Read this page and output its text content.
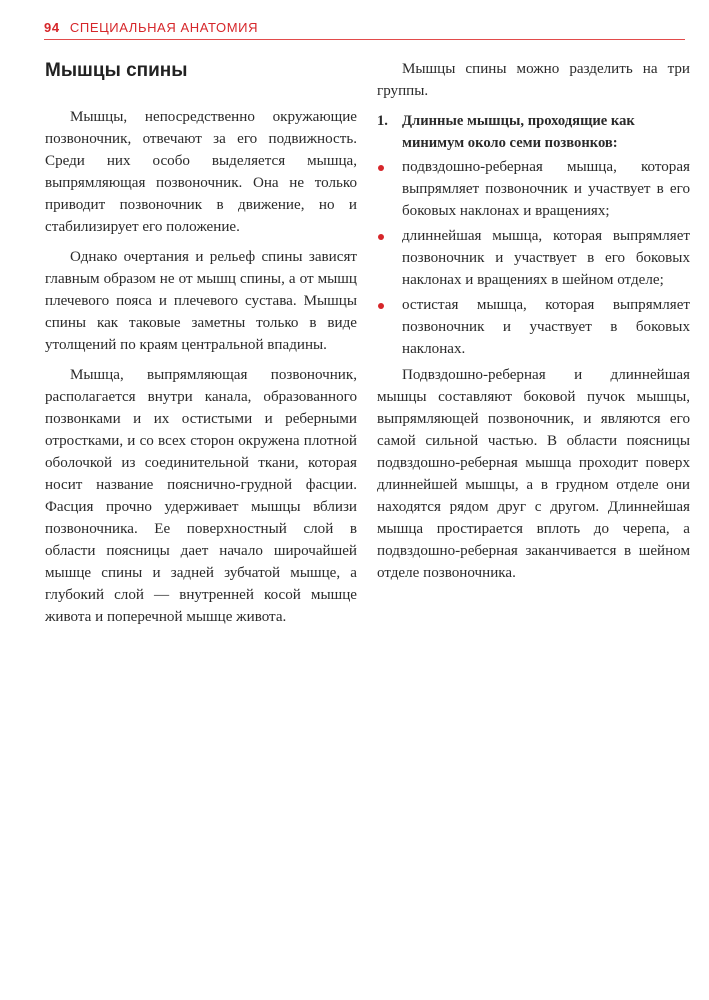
94 СПЕЦИАЛЬНАЯ АНАТОМИЯ
Мышцы спины

Мышцы, непосредственно окружающие позвоночник, отвечают за его подвижность. Среди них особо выделяется мышца, выпрямляющая позвоночник. Она не только приводит позвоночник в движение, но и стабилизирует его положение.

Однако очертания и рельеф спины зависят главным образом не от мышц спины, а от мышц плечевого пояса и плечевого сустава. Мышцы спины как таковые заметны только в виде утолщений по краям центральной впадины.

Мышца, выпрямляющая позвоночник, располагается внутри канала, образованного позвонками и их остистыми и реберными отростками, и со всех сторон окружена плотной оболочкой из соединительной ткани, которая носит название пояснично-грудной фасции. Фасция прочно удерживает мышцы вблизи позвоночника. Ее поверхностный слой в области поясницы дает начало широчайшей мышце спины и задней зубчатой мышце, а глубокий слой — внутренней косой мышце живота и поперечной мышце живота.

Мышцы спины можно разделить на три группы.

1. Длинные мышцы, проходящие как минимум около семи позвонков:
подвздошно-реберная мышца, которая выпрямляет позвоночник и участвует в его боковых наклонах и вращениях;
длиннейшая мышца, которая выпрямляет позвоночник и участвует в его боковых наклонах и вращениях в шейном отделе;
остистая мышца, которая выпрямляет позвоночник и участвует в боковых наклонах.

Подвздошно-реберная и длиннейшая мышцы составляют боковой пучок мышцы, выпрямляющей позвоночник, и являются его самой сильной частью. В области поясницы подвздошно-реберная мышца проходит поверх длиннейшей мышцы, а в грудном отделе они находятся рядом друг с другом. Длиннейшая мышца простирается вплоть до черепа, а подвздошно-реберная заканчивается в шейном отделе позвоночника.
